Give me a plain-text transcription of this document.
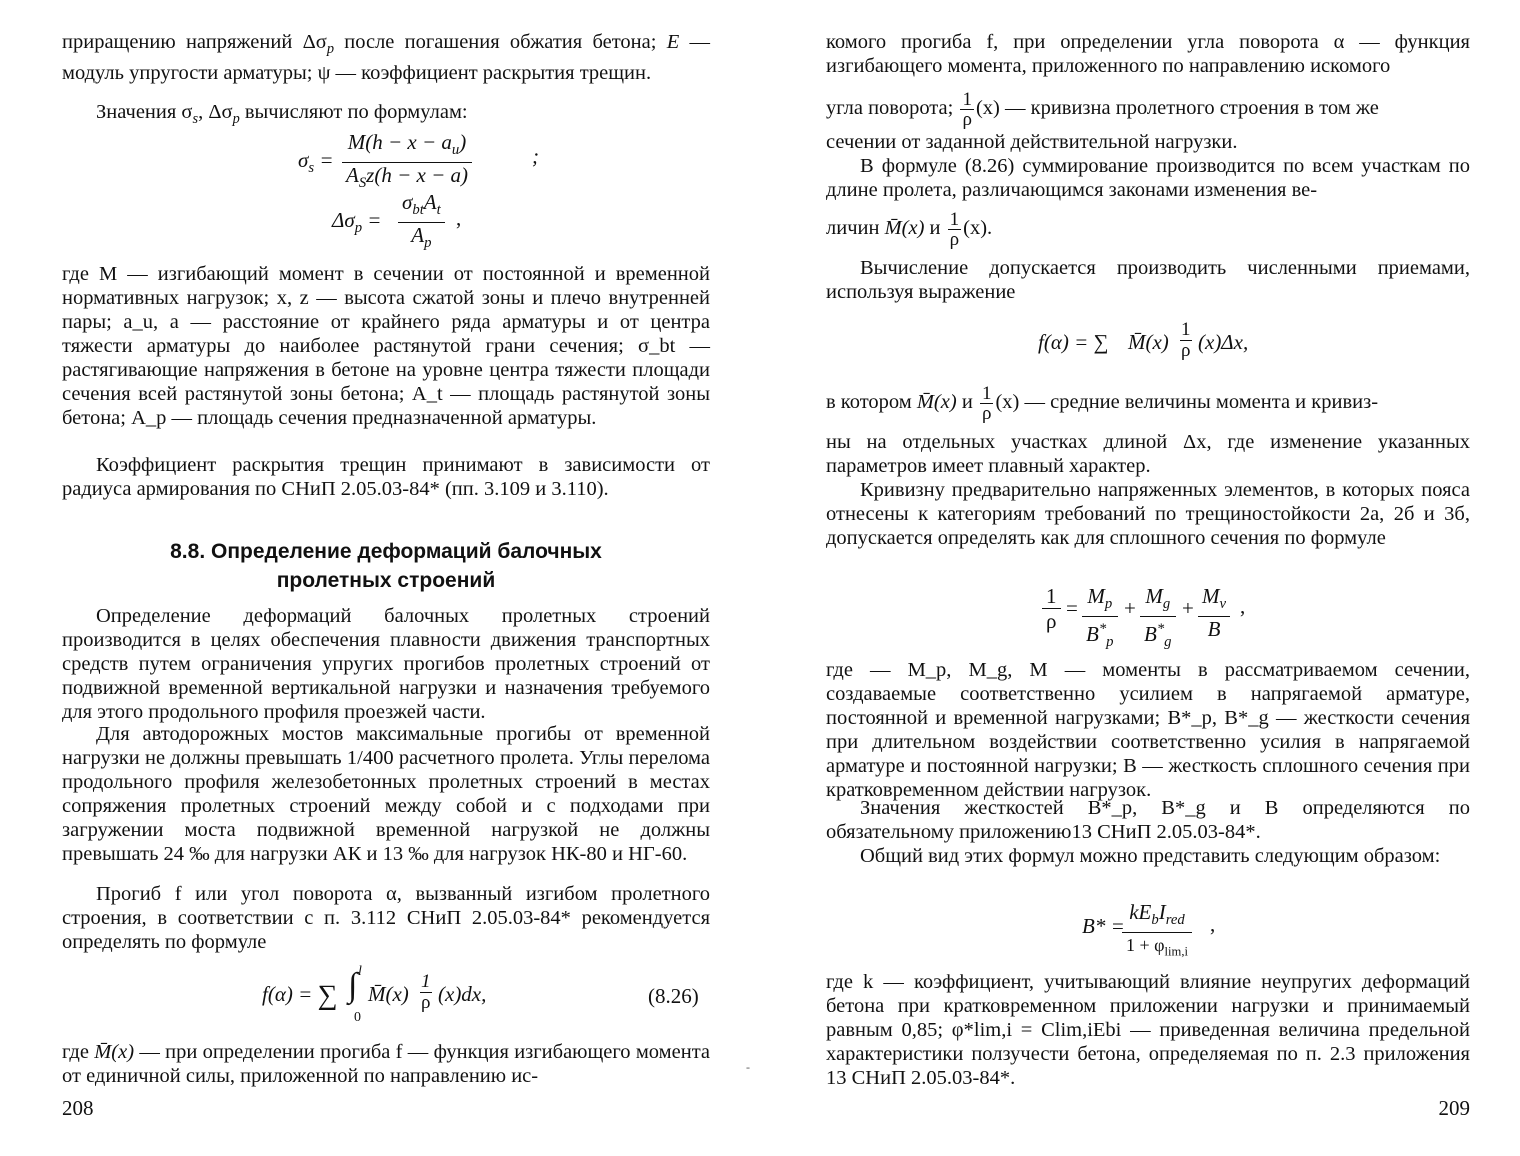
приращению напряжений $\Delta\sigma_p$ после погашения обжатия бетона; E — модуль упругости арматуры; ψ — коэффициент раскрытия трещин.

Значения $\sigma_s$, $\Delta\sigma_p$ вычисляют по формулам:

$\sigma_s$ =
$M(h - x - a_u)$
$A_Sz(h - x - a)$
;
$\Delta\sigma_p$ =
$\sigma_{bt}A_t$
$A_p$
,

где M — изгибающий момент в сечении от постоянной и временной нормативных нагрузок; x, z — высота сжатой зоны и плечо внутренней пары; a_u, a — расстояние от крайнего ряда арматуры и от центра тяжести арматуры до наиболее растянутой грани сечения; σ_bt — растягивающие напряжения в бетоне на уровне центра тяжести площади сечения всей растянутой зоны бетона; A_t — площадь растянутой зоны бетона; A_p — площадь сечения предназначенной арматуры.

Коэффициент раскрытия трещин принимают в зависимости от радиуса армирования по СНиП 2.05.03-84* (пп. 3.109 и 3.110).

8.8. Определение деформаций балочных
пролетных строений

Определение деформаций балочных пролетных строений производится в целях обеспечения плавности движения транспортных средств путем ограничения упругих прогибов пролетных строений от подвижной временной вертикальной нагрузки и назначения требуемого для этого продольного профиля проезжей части.

Для автодорожных мостов максимальные прогибы от временной нагрузки не должны превышать 1/400 расчетного пролета. Углы перелома продольного профиля железобетонных пролетных строений в местах сопряжения пролетных строений между собой и с подходами при загружении моста подвижной временной нагрузкой не должны превышать 24 ‰ для нагрузки АК и 13 ‰ для нагрузок НК-80 и НГ-60.

Прогиб f или угол поворота α, вызванный изгибом пролетного строения, в соответствии с п. 3.112 СНиП 2.05.03-84* рекомендуется определять по формуле

f(α) = ∑
l
∫
0
M̄(x) $\frac{1}{\rho} (x)dx$,	(8.26)

где M̄(x) — при определении прогиба f — функция изгибающего момента от единичной силы, приложенной по направлению ис-

208

комого прогиба f, при определении угла поворота α — функция изгибающего момента, приложенного по направлению искомого

угла поворота; $\frac{1}{\rho} (x)$ — кривизна пролетного строения в том же

сечении от заданной действительной нагрузки.

В формуле (8.26) суммирование производится по всем участкам по длине пролета, различающимся законами изменения ве-

личин M̄(x) и $\frac{1}{\rho} (x)$.

Вычисление допускается производить численными приемами, используя выражение

f(α) = ∑ M̄(x) $\frac{1}{\rho} (x)\Delta x$,
в котором M̄(x) и $\frac{1}{\rho} (x)$ — средние величины момента и кривиз-

ны на отдельных участках длиной Δx, где изменение указанных параметров имеет плавный характер.

Кривизну предварительно напряженных элементов, в которых пояса отнесены к категориям требований по трещиностойкости 2а, 2б и 3б, допускается определять как для сплошного сечения по формуле

$\frac{1}{\rho} = \frac{M_p}{B^*_p} + \frac{M_g}{B^*_g} + \frac{M_v}{B}$ ,

где — M_p, M_g, M — моменты в рассматриваемом сечении, создаваемые соответственно усилием в напрягаемой арматуре, постоянной и временной нагрузками; B*_p, B*_g — жесткости сечения при длительном воздействии соответственно усилия в напрягаемой арматуре и постоянной нагрузки; B — жесткость сплошного сечения при кратковременном действии нагрузок.

Значения жесткостей B*_p, B*_g и B определяются по обязательному приложению13 СНиП 2.05.03-84*.

Общий вид этих формул можно представить следующим образом:

B* =
$kE_bI_{red}$
$1 + \varphi_{lim,i}$
,

где k — коэффициент, учитывающий влияние неупругих деформаций бетона при кратковременном приложении нагрузки и принимаемый равным 0,85; φ*lim,i = Clim,iEbi — приведенная величина предельной характеристики ползучести бетона, определяемая по п. 2.3 приложения 13 СНиП 2.05.03-84*.

209
-
